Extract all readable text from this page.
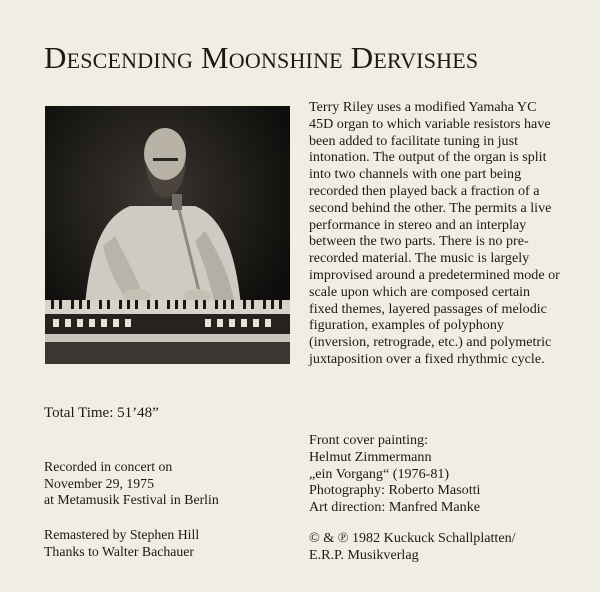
Descending Moonshine Dervishes
Terry Riley uses a modified Yamaha YC 45D organ to which variable resistors have been added to facilitate tuning in just intonation. The output of the organ is split into two channels with one part being recorded then played back a fraction of a second behind the other. The permits a live performance in stereo and an interplay between the two parts. There is no pre-recorded material. The music is largely improvised around a predetermined mode or scale upon which are composed certain fixed themes, layered passages of melodic figuration, examples of polyphony (inversion, retrograde, etc.) and polymetric juxtaposition over a fixed rhythmic cycle.
Front cover painting:
Helmut Zimmermann
„ein Vorgang“ (1976-81)
Photography: Roberto Masotti
Art direction: Manfred Manke
© & ℗ 1982 Kuckuck Schallplatten/
E.R.P. Musikverlag
Total Time: 51’48”
Recorded in concert on
November 29, 1975
at Metamusik Festival in Berlin
Remastered by Stephen Hill
Thanks to Walter Bachauer
